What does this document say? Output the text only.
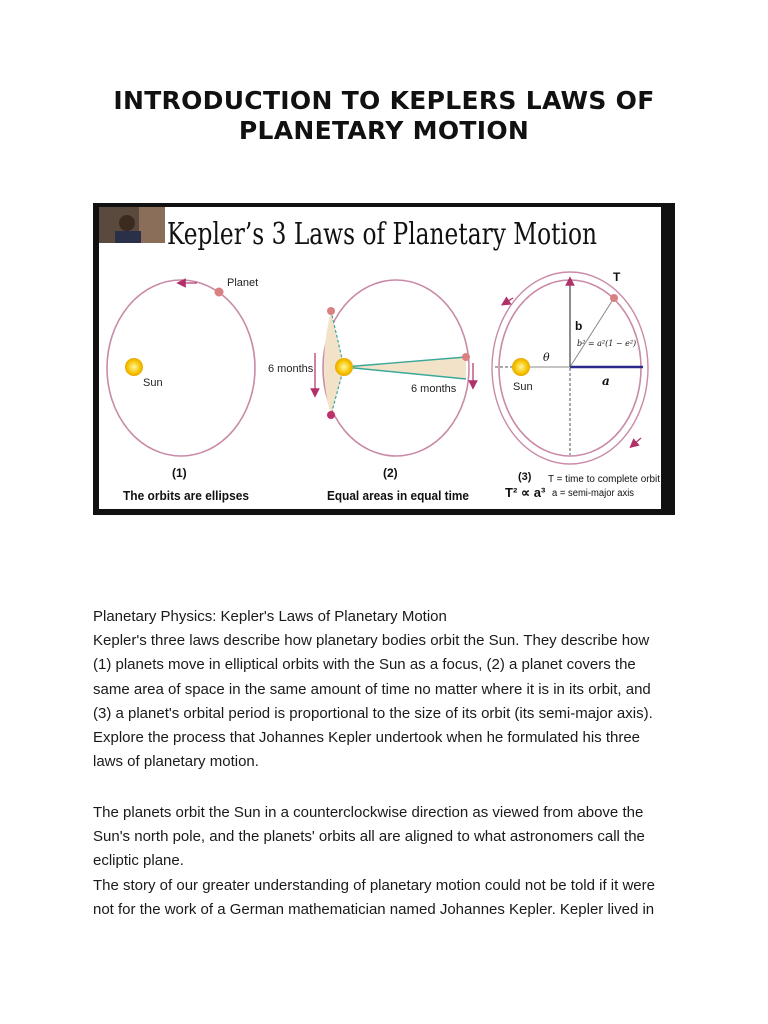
INTRODUCTION TO KEPLERS LAWS OF
PLANETARY MOTION
Kepler’s 3 Laws of Planetary Motion
Planet
Sun
(1)
The orbits are ellipses
6 months
6 months
(2)
Equal areas in equal time
T
b
θ
b² = a²(1 − e²)
Sun	a
(3) T = time to complete orbit
T² ∝ a³ a = semi-major axis
Planetary Physics: Kepler's Laws of Planetary Motion
Kepler's three laws describe how planetary bodies orbit the Sun. They describe how
(1) planets move in elliptical orbits with the Sun as a focus, (2) a planet covers the
same area of space in the same amount of time no matter where it is in its orbit, and
(3) a planet's orbital period is proportional to the size of its orbit (its semi-major axis).
Explore the process that Johannes Kepler undertook when he formulated his three
laws of planetary motion.
The planets orbit the Sun in a counterclockwise direction as viewed from above the
Sun's north pole, and the planets' orbits all are aligned to what astronomers call the
ecliptic plane.
The story of our greater understanding of planetary motion could not be told if it were
not for the work of a German mathematician named Johannes Kepler. Kepler lived in
